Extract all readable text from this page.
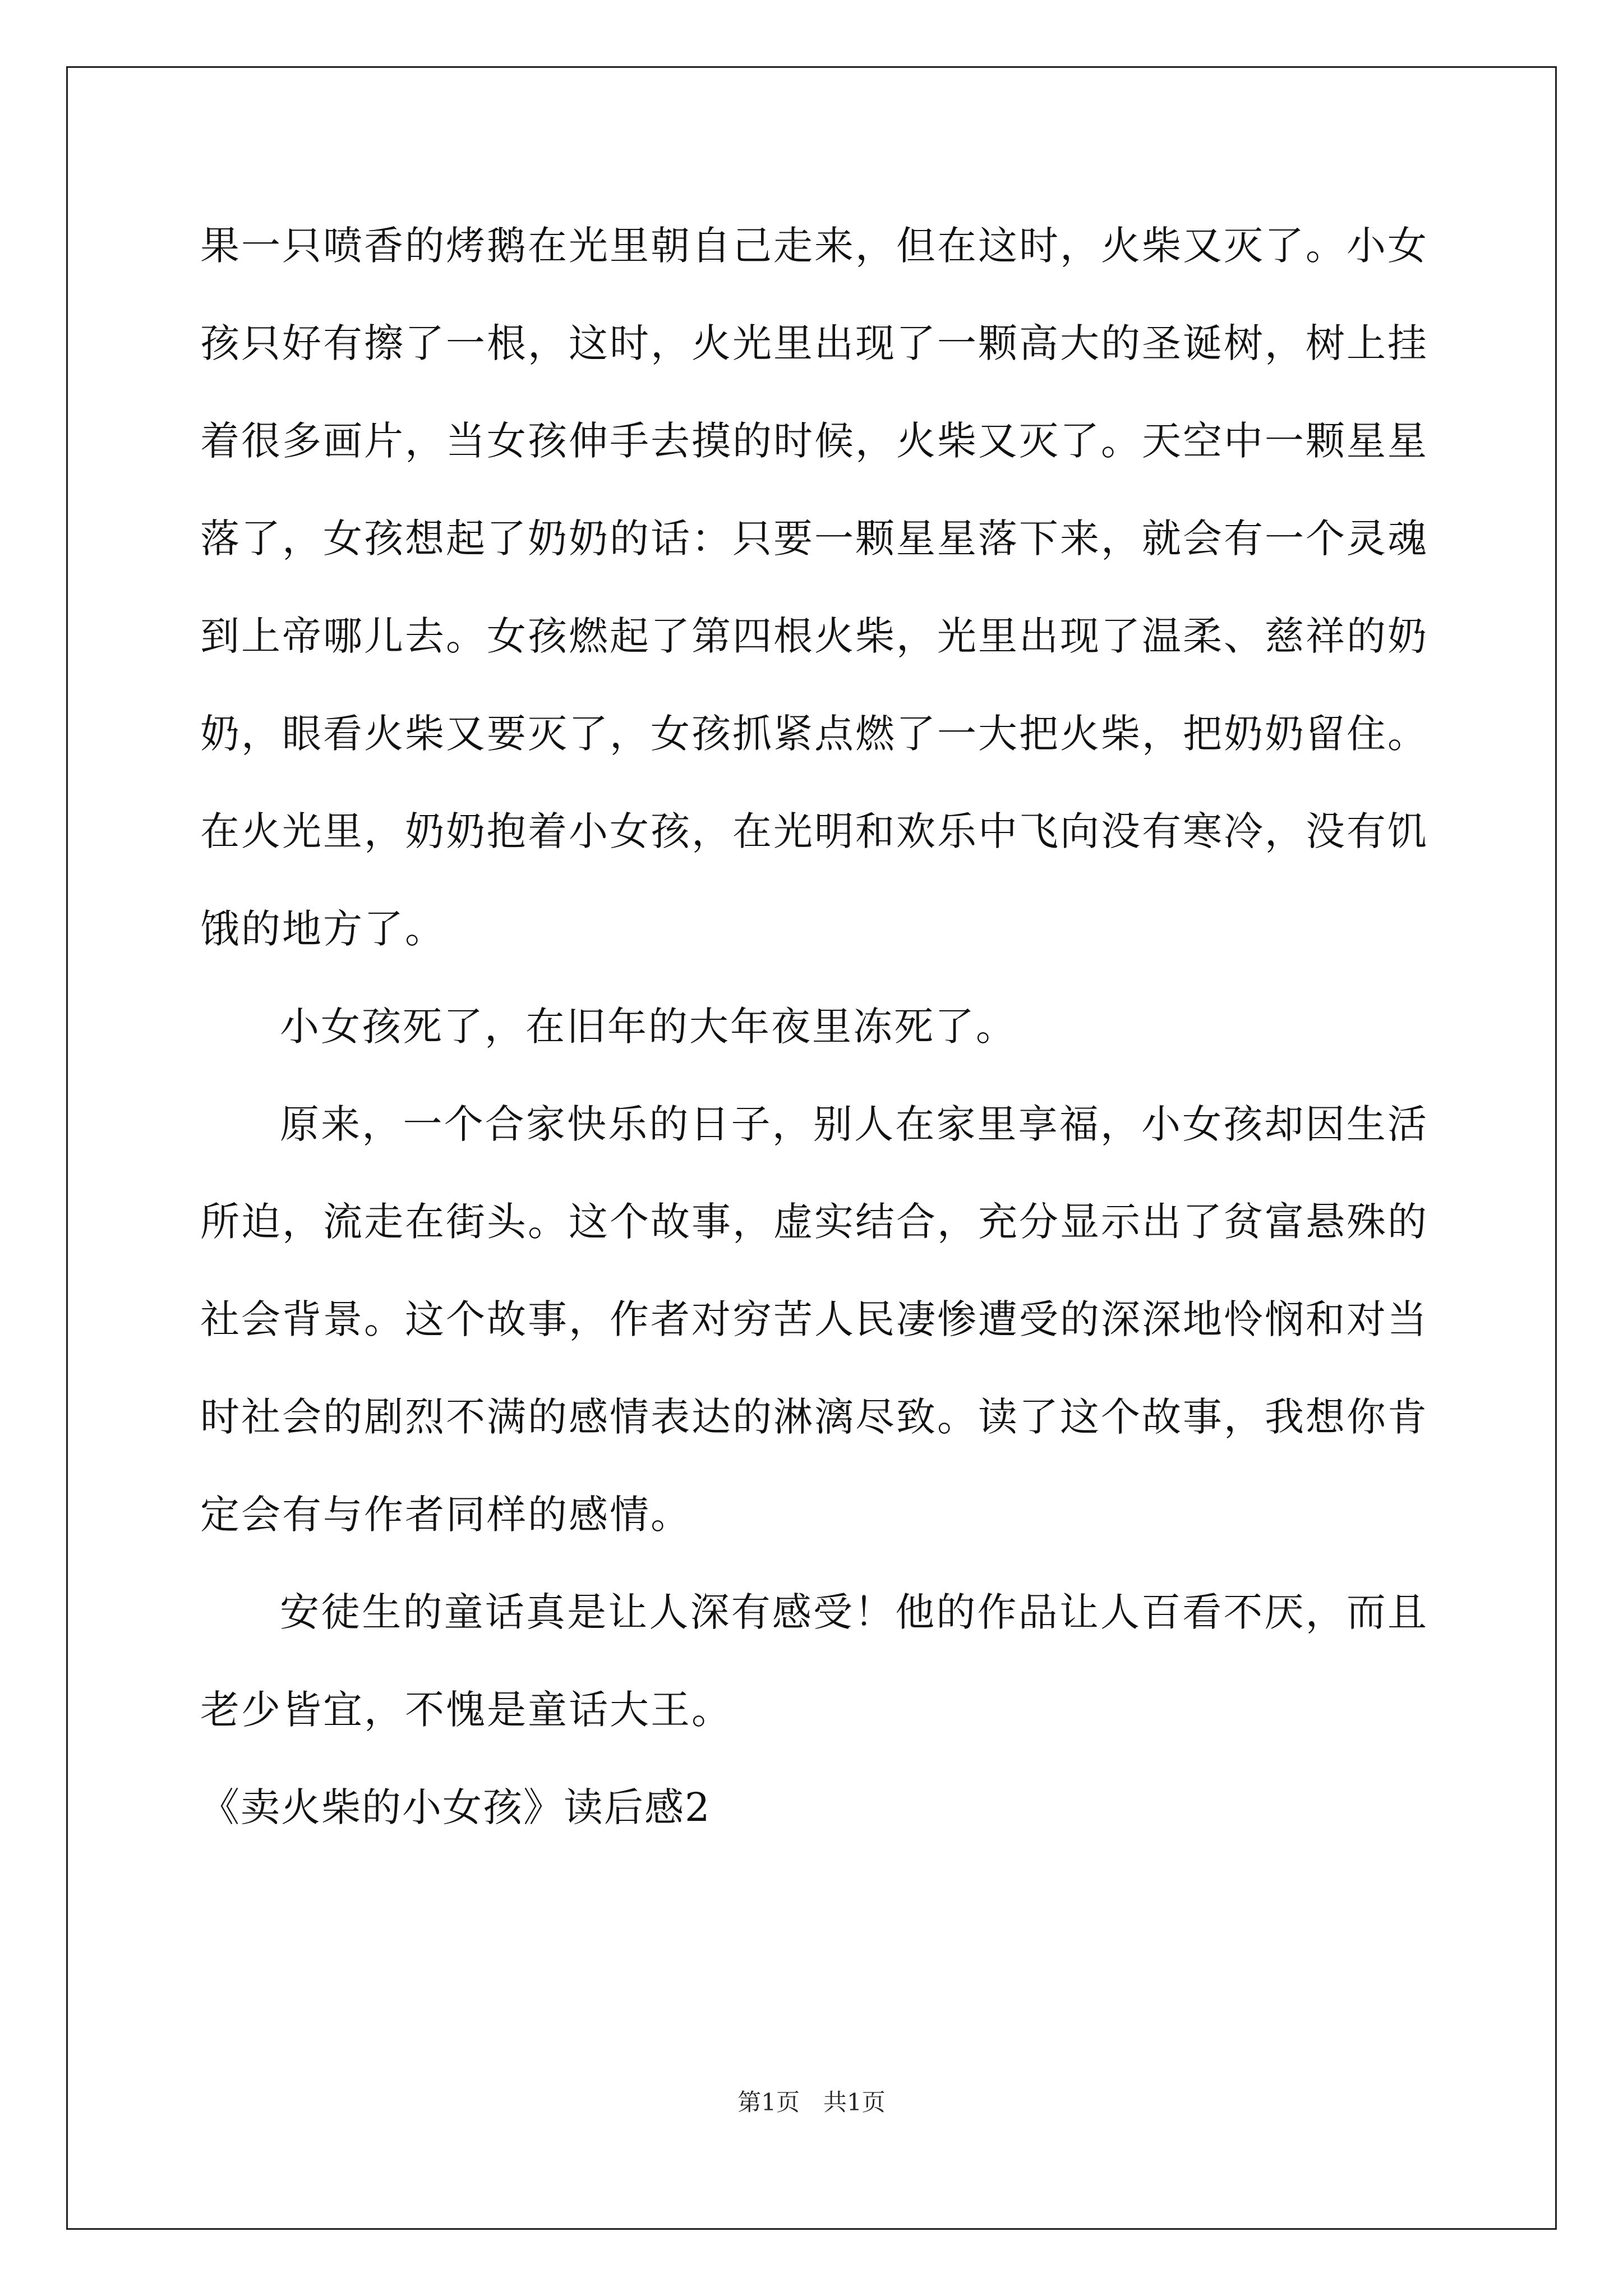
果一只喷香的烤鹅在光里朝自己走来，但在这时，火柴又灭了。小女
孩只好有擦了一根，这时，火光里出现了一颗高大的圣诞树，树上挂
着很多画片，当女孩伸手去摸的时候，火柴又灭了。天空中一颗星星
落了，女孩想起了奶奶的话：只要一颗星星落下来，就会有一个灵魂
到上帝哪儿去。女孩燃起了第四根火柴，光里出现了温柔、慈祥的奶
奶，眼看火柴又要灭了，女孩抓紧点燃了一大把火柴，把奶奶留住。
在火光里，奶奶抱着小女孩，在光明和欢乐中飞向没有寒冷，没有饥
饿的地方了。
小女孩死了，在旧年的大年夜里冻死了。
原来，一个合家快乐的日子，别人在家里享福，小女孩却因生活
所迫，流走在街头。这个故事，虚实结合，充分显示出了贫富悬殊的
社会背景。这个故事，作者对穷苦人民凄惨遭受的深深地怜悯和对当
时社会的剧烈不满的感情表达的淋漓尽致。读了这个故事，我想你肯
定会有与作者同样的感情。
安徒生的童话真是让人深有感受！他的作品让人百看不厌，而且
老少皆宜，不愧是童话大王。
《卖火柴的小女孩》读后感2
第1页　共1页
